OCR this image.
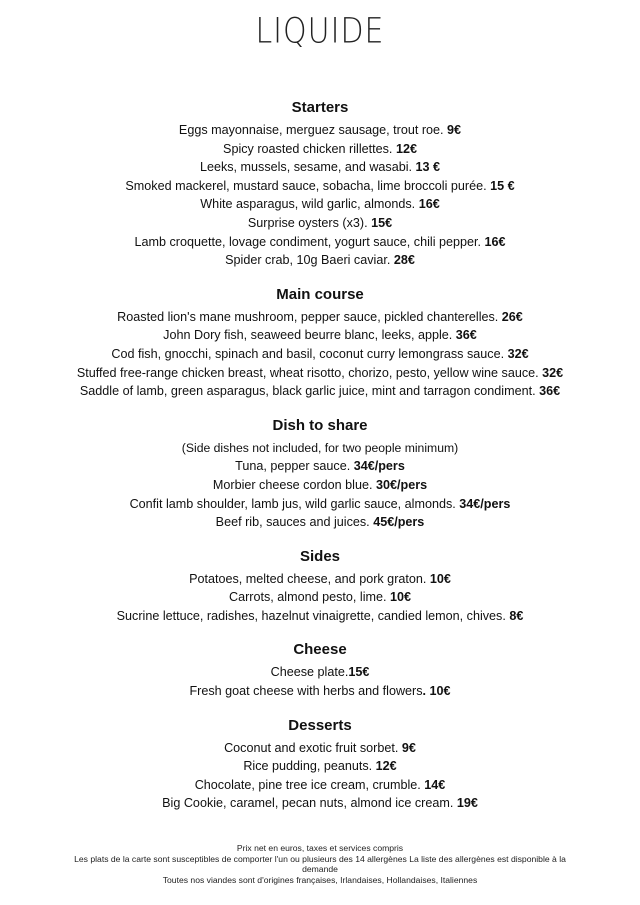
LIQUIDE
Starters
Eggs mayonnaise, merguez sausage, trout roe. 9€
Spicy roasted chicken rillettes. 12€
Leeks, mussels, sesame, and wasabi. 13 €
Smoked mackerel, mustard sauce, sobacha, lime broccoli purée. 15 €
White asparagus, wild garlic, almonds. 16€
Surprise oysters (x3). 15€
Lamb croquette, lovage condiment, yogurt sauce, chili pepper. 16€
Spider crab, 10g Baeri caviar. 28€
Main course
Roasted lion's mane mushroom, pepper sauce, pickled chanterelles. 26€
John Dory fish, seaweed beurre blanc, leeks, apple. 36€
Cod fish, gnocchi, spinach and basil, coconut curry lemongrass sauce. 32€
Stuffed free-range chicken breast, wheat risotto, chorizo, pesto, yellow wine sauce. 32€
Saddle of lamb, green asparagus, black garlic juice, mint and tarragon condiment. 36€
Dish to share
(Side dishes not included, for two people minimum)
Tuna, pepper sauce. 34€/pers
Morbier cheese cordon blue. 30€/pers
Confit lamb shoulder, lamb jus, wild garlic sauce, almonds. 34€/pers
Beef rib, sauces and juices. 45€/pers
Sides
Potatoes, melted cheese, and pork graton. 10€
Carrots, almond pesto, lime. 10€
Sucrine lettuce, radishes, hazelnut vinaigrette, candied lemon, chives. 8€
Cheese
Cheese plate.15€
Fresh goat cheese with herbs and flowers. 10€
Desserts
Coconut and exotic fruit sorbet. 9€
Rice pudding, peanuts. 12€
Chocolate, pine tree ice cream, crumble. 14€
Big Cookie, caramel, pecan nuts, almond ice cream. 19€
Prix net en euros, taxes et services compris
Les plats de la carte sont susceptibles de comporter l'un ou plusieurs des 14 allergènes La liste des allergènes est disponible à la demande
Toutes nos viandes sont d'origines françaises, Irlandaises, Hollandaises, Italiennes
